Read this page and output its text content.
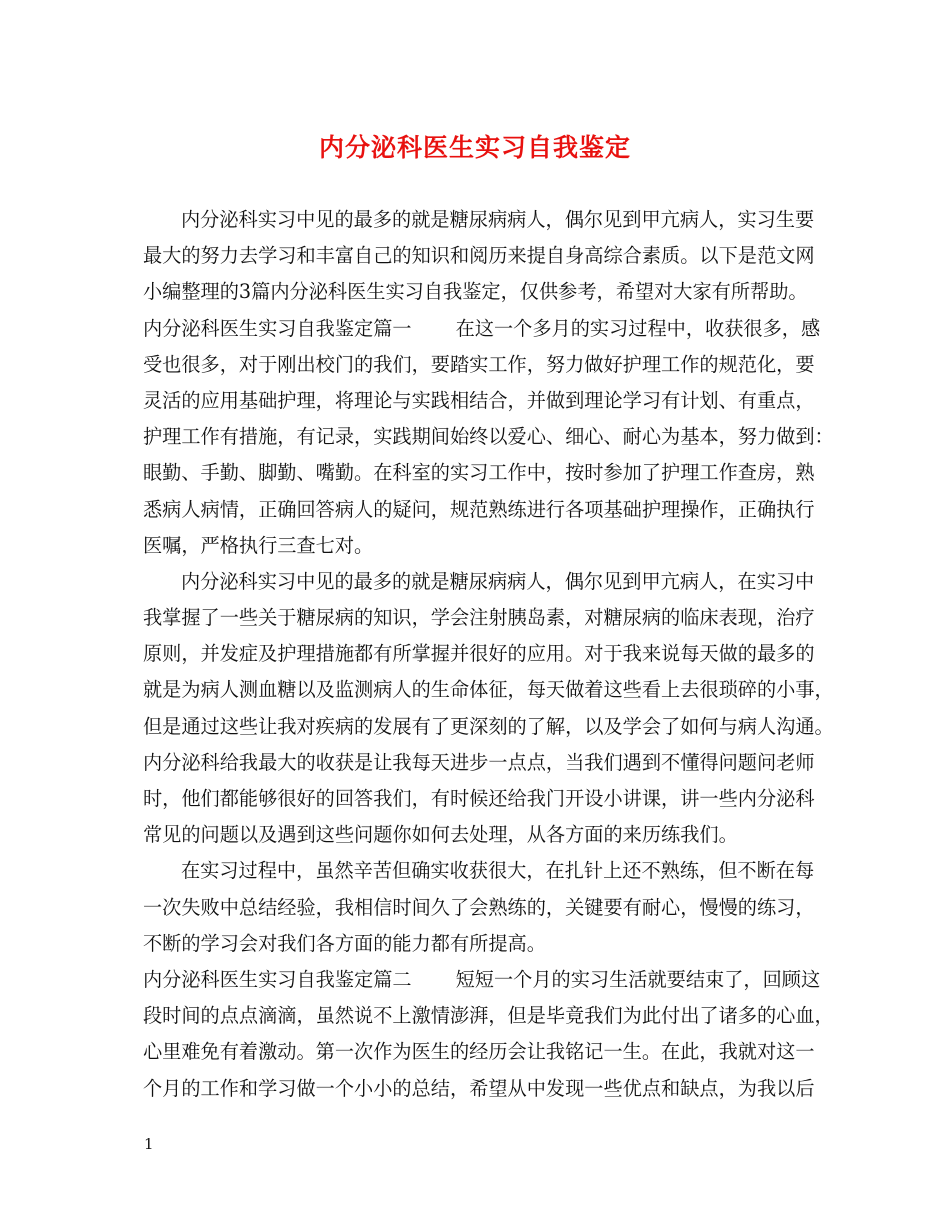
内分泌科医生实习自我鉴定
内分泌科实习中见的最多的就是糖尿病病人，偶尔见到甲亢病人，实习生要
最大的努力去学习和丰富自己的知识和阅历来提自身高综合素质。以下是范文网
小编整理的3篇内分泌科医生实习自我鉴定，仅供参考，希望对大家有所帮助。
内分泌科医生实习自我鉴定篇一 在这一个多月的实习过程中，收获很多，感
受也很多，对于刚出校门的我们，要踏实工作，努力做好护理工作的规范化，要
灵活的应用基础护理，将理论与实践相结合，并做到理论学习有计划、有重点，
护理工作有措施，有记录，实践期间始终以爱心、细心、耐心为基本，努力做到：
眼勤、手勤、脚勤、嘴勤。在科室的实习工作中，按时参加了护理工作查房，熟
悉病人病情，正确回答病人的疑问，规范熟练进行各项基础护理操作，正确执行
医嘱，严格执行三查七对。
内分泌科实习中见的最多的就是糖尿病病人，偶尔见到甲亢病人，在实习中
我掌握了一些关于糖尿病的知识，学会注射胰岛素，对糖尿病的临床表现，治疗
原则，并发症及护理措施都有所掌握并很好的应用。对于我来说每天做的最多的
就是为病人测血糖以及监测病人的生命体征，每天做着这些看上去很琐碎的小事，
但是通过这些让我对疾病的发展有了更深刻的了解，以及学会了如何与病人沟通。
内分泌科给我最大的收获是让我每天进步一点点，当我们遇到不懂得问题问老师
时，他们都能够很好的回答我们，有时候还给我门开设小讲课，讲一些内分泌科
常见的问题以及遇到这些问题你如何去处理，从各方面的来历练我们。
在实习过程中，虽然辛苦但确实收获很大，在扎针上还不熟练，但不断在每
一次失败中总结经验，我相信时间久了会熟练的，关键要有耐心，慢慢的练习，
不断的学习会对我们各方面的能力都有所提高。
内分泌科医生实习自我鉴定篇二 短短一个月的实习生活就要结束了，回顾这
段时间的点点滴滴，虽然说不上激情澎湃，但是毕竟我们为此付出了诸多的心血，
心里难免有着激动。第一次作为医生的经历会让我铭记一生。在此，我就对这一
个月的工作和学习做一个小小的总结，希望从中发现一些优点和缺点，为我以后
1
